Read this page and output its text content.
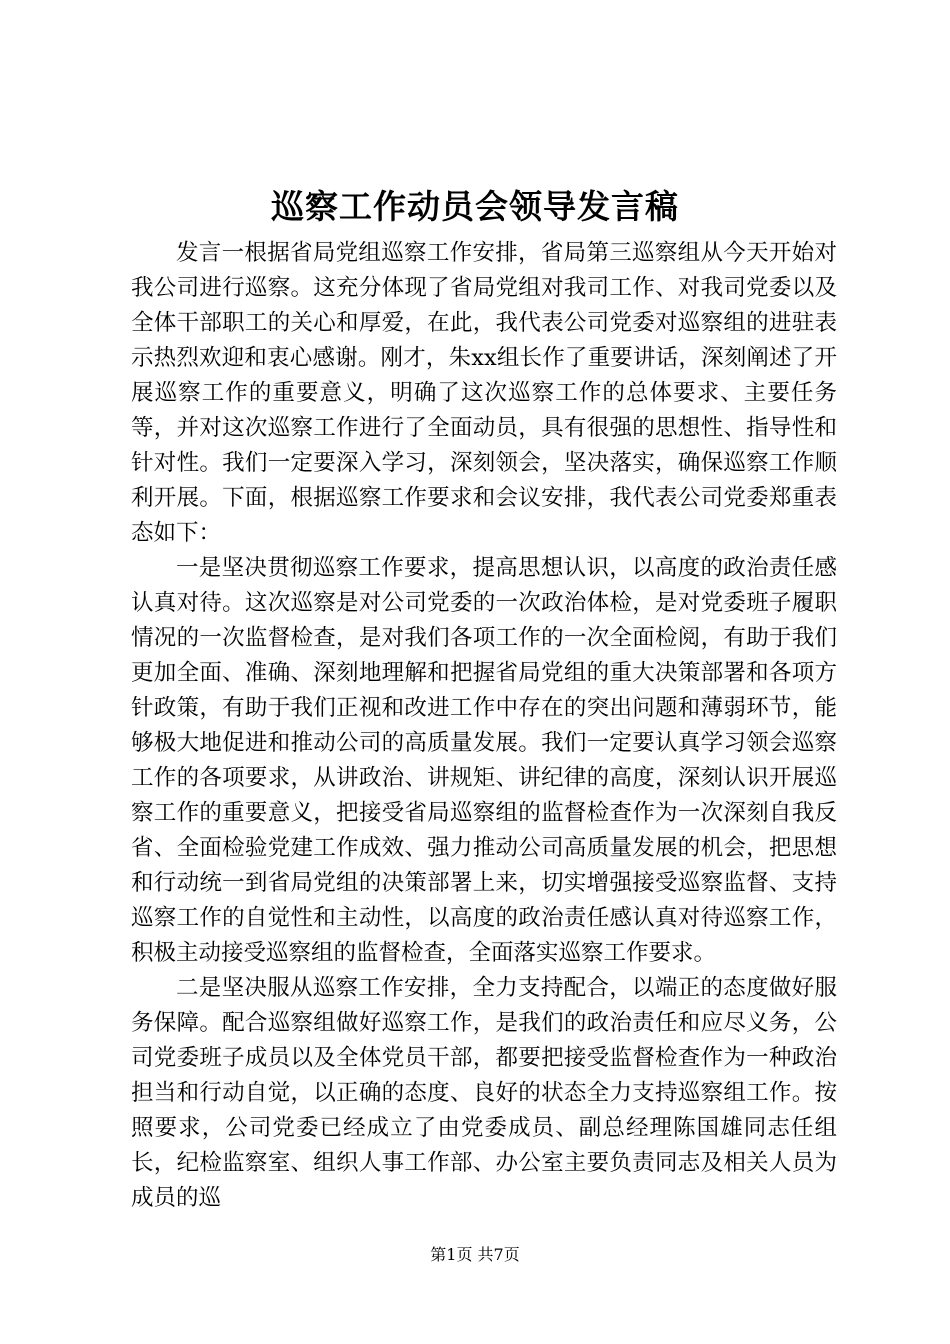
巡察工作动员会领导发言稿

发言一根据省局党组巡察工作安排，省局第三巡察组从今天开始对我公司进行巡察。这充分体现了省局党组对我司工作、对我司党委以及全体干部职工的关心和厚爱，在此，我代表公司党委对巡察组的进驻表示热烈欢迎和衷心感谢。刚才，朱xx组长作了重要讲话，深刻阐述了开展巡察工作的重要意义，明确了这次巡察工作的总体要求、主要任务等，并对这次巡察工作进行了全面动员，具有很强的思想性、指导性和针对性。我们一定要深入学习，深刻领会，坚决落实，确保巡察工作顺利开展。下面，根据巡察工作要求和会议安排，我代表公司党委郑重表态如下：

一是坚决贯彻巡察工作要求，提高思想认识，以高度的政治责任感认真对待。这次巡察是对公司党委的一次政治体检，是对党委班子履职情况的一次监督检查，是对我们各项工作的一次全面检阅，有助于我们更加全面、准确、深刻地理解和把握省局党组的重大决策部署和各项方针政策，有助于我们正视和改进工作中存在的突出问题和薄弱环节，能够极大地促进和推动公司的高质量发展。我们一定要认真学习领会巡察工作的各项要求，从讲政治、讲规矩、讲纪律的高度，深刻认识开展巡察工作的重要意义，把接受省局巡察组的监督检查作为一次深刻自我反省、全面检验党建工作成效、强力推动公司高质量发展的机会，把思想和行动统一到省局党组的决策部署上来，切实增强接受巡察监督、支持巡察工作的自觉性和主动性，以高度的政治责任感认真对待巡察工作，积极主动接受巡察组的监督检查，全面落实巡察工作要求。

二是坚决服从巡察工作安排，全力支持配合，以端正的态度做好服务保障。配合巡察组做好巡察工作，是我们的政治责任和应尽义务，公司党委班子成员以及全体党员干部，都要把接受监督检查作为一种政治担当和行动自觉，以正确的态度、良好的状态全力支持巡察组工作。按照要求，公司党委已经成立了由党委成员、副总经理陈国雄同志任组长，纪检监察室、组织人事工作部、办公室主要负责同志及相关人员为成员的巡

第1页 共7页
